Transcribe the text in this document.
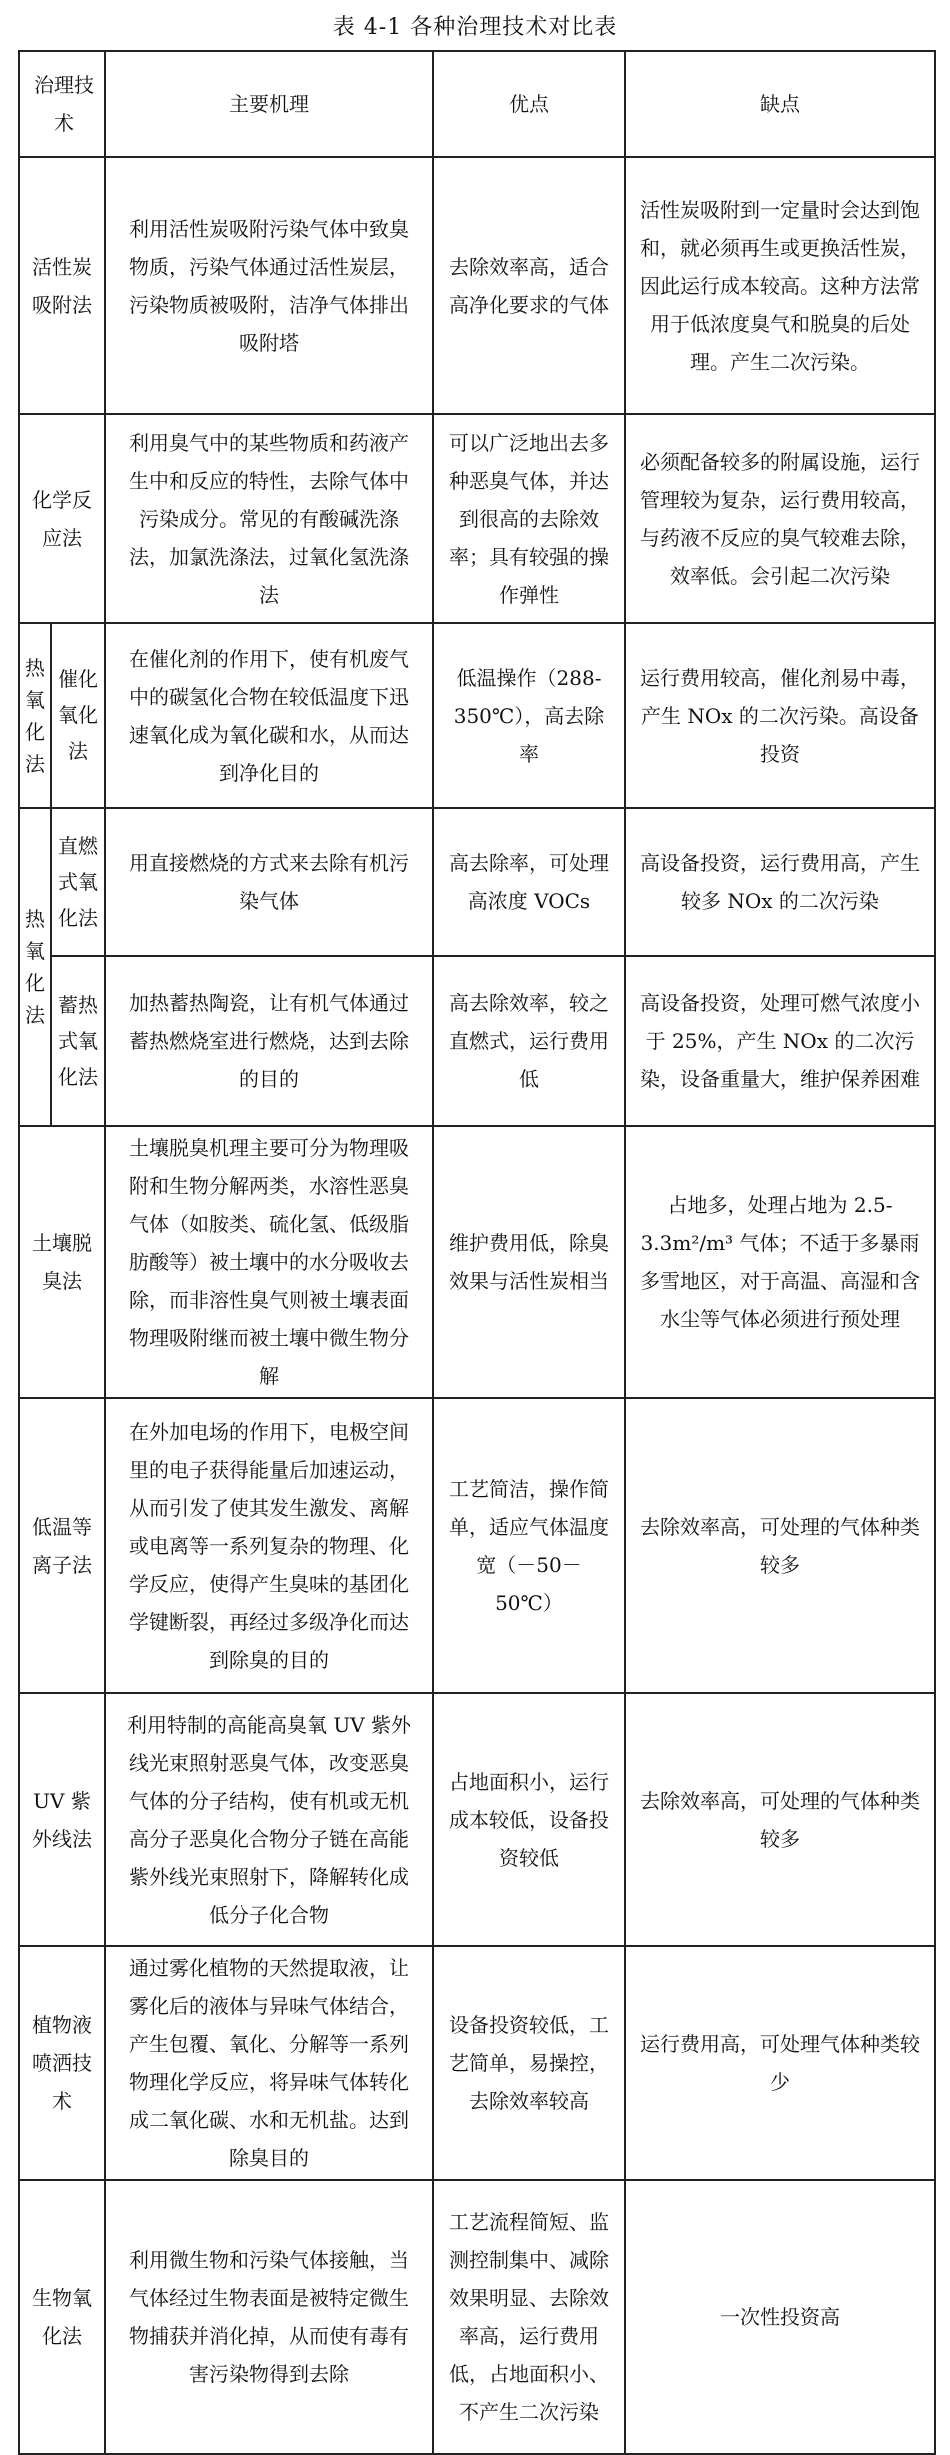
表 4-1 各种治理技术对比表
治理技术		主要机理	优点	缺点
活性炭吸附法		利用活性炭吸附污染气体中致臭物质，污染气体通过活性炭层，污染物质被吸附，洁净气体排出吸附塔	去除效率高，适合高净化要求的气体	活性炭吸附到一定量时会达到饱和，就必须再生或更换活性炭，因此运行成本较高。这种方法常用于低浓度臭气和脱臭的后处理。产生二次污染。
化学反应法		利用臭气中的某些物质和药液产生中和反应的特性，去除气体中污染成分。常见的有酸碱洗涤法，加氯洗涤法，过氧化氢洗涤法	可以广泛地出去多种恶臭气体，并达到很高的去除效率；具有较强的操作弹性	必须配备较多的附属设施，运行管理较为复杂，运行费用较高，与药液不反应的臭气较难去除，效率低。会引起二次污染
热氧化法	催化氧化法	在催化剂的作用下，使有机废气中的碳氢化合物在较低温度下迅速氧化成为氧化碳和水，从而达到净化目的	低温操作（288-350℃），高去除率	运行费用较高，催化剂易中毒，产生 NOx 的二次污染。高设备投资
热氧化法	直燃式氧化法	用直接燃烧的方式来去除有机污染气体	高去除率，可处理高浓度 VOCs	高设备投资，运行费用高，产生较多 NOx 的二次污染
	蓄热式氧化法	加热蓄热陶瓷，让有机气体通过蓄热燃烧室进行燃烧，达到去除的目的	高去除效率，较之直燃式，运行费用低	高设备投资，处理可燃气浓度小于 25%，产生 NOx 的二次污染，设备重量大，维护保养困难
土壤脱臭法		土壤脱臭机理主要可分为物理吸附和生物分解两类，水溶性恶臭气体（如胺类、硫化氢、低级脂肪酸等）被土壤中的水分吸收去除，而非溶性臭气则被土壤表面物理吸附继而被土壤中微生物分解	维护费用低，除臭效果与活性炭相当	占地多，处理占地为 2.5-3.3m²/m³ 气体；不适于多暴雨多雪地区，对于高温、高湿和含水尘等气体必须进行预处理
低温等离子法		在外加电场的作用下，电极空间里的电子获得能量后加速运动，从而引发了使其发生激发、离解或电离等一系列复杂的物理、化学反应，使得产生臭味的基团化学键断裂，再经过多级净化而达到除臭的目的	工艺简洁，操作简单，适应气体温度宽（－50－50℃）	去除效率高，可处理的气体种类较多
UV 紫外线法		利用特制的高能高臭氧 UV 紫外线光束照射恶臭气体，改变恶臭气体的分子结构，使有机或无机高分子恶臭化合物分子链在高能紫外线光束照射下，降解转化成低分子化合物	占地面积小，运行成本较低，设备投资较低	去除效率高，可处理的气体种类较多
植物液喷洒技术		通过雾化植物的天然提取液，让雾化后的液体与异味气体结合，产生包覆、氧化、分解等一系列物理化学反应，将异味气体转化成二氧化碳、水和无机盐。达到除臭目的	设备投资较低，工艺简单，易操控，去除效率较高	运行费用高，可处理气体种类较少
生物氧化法		利用微生物和污染气体接触，当气体经过生物表面是被特定微生物捕获并消化掉，从而使有毒有害污染物得到去除	工艺流程简短、监测控制集中、减除效果明显、去除效率高，运行费用低，占地面积小、不产生二次污染	一次性投资高
